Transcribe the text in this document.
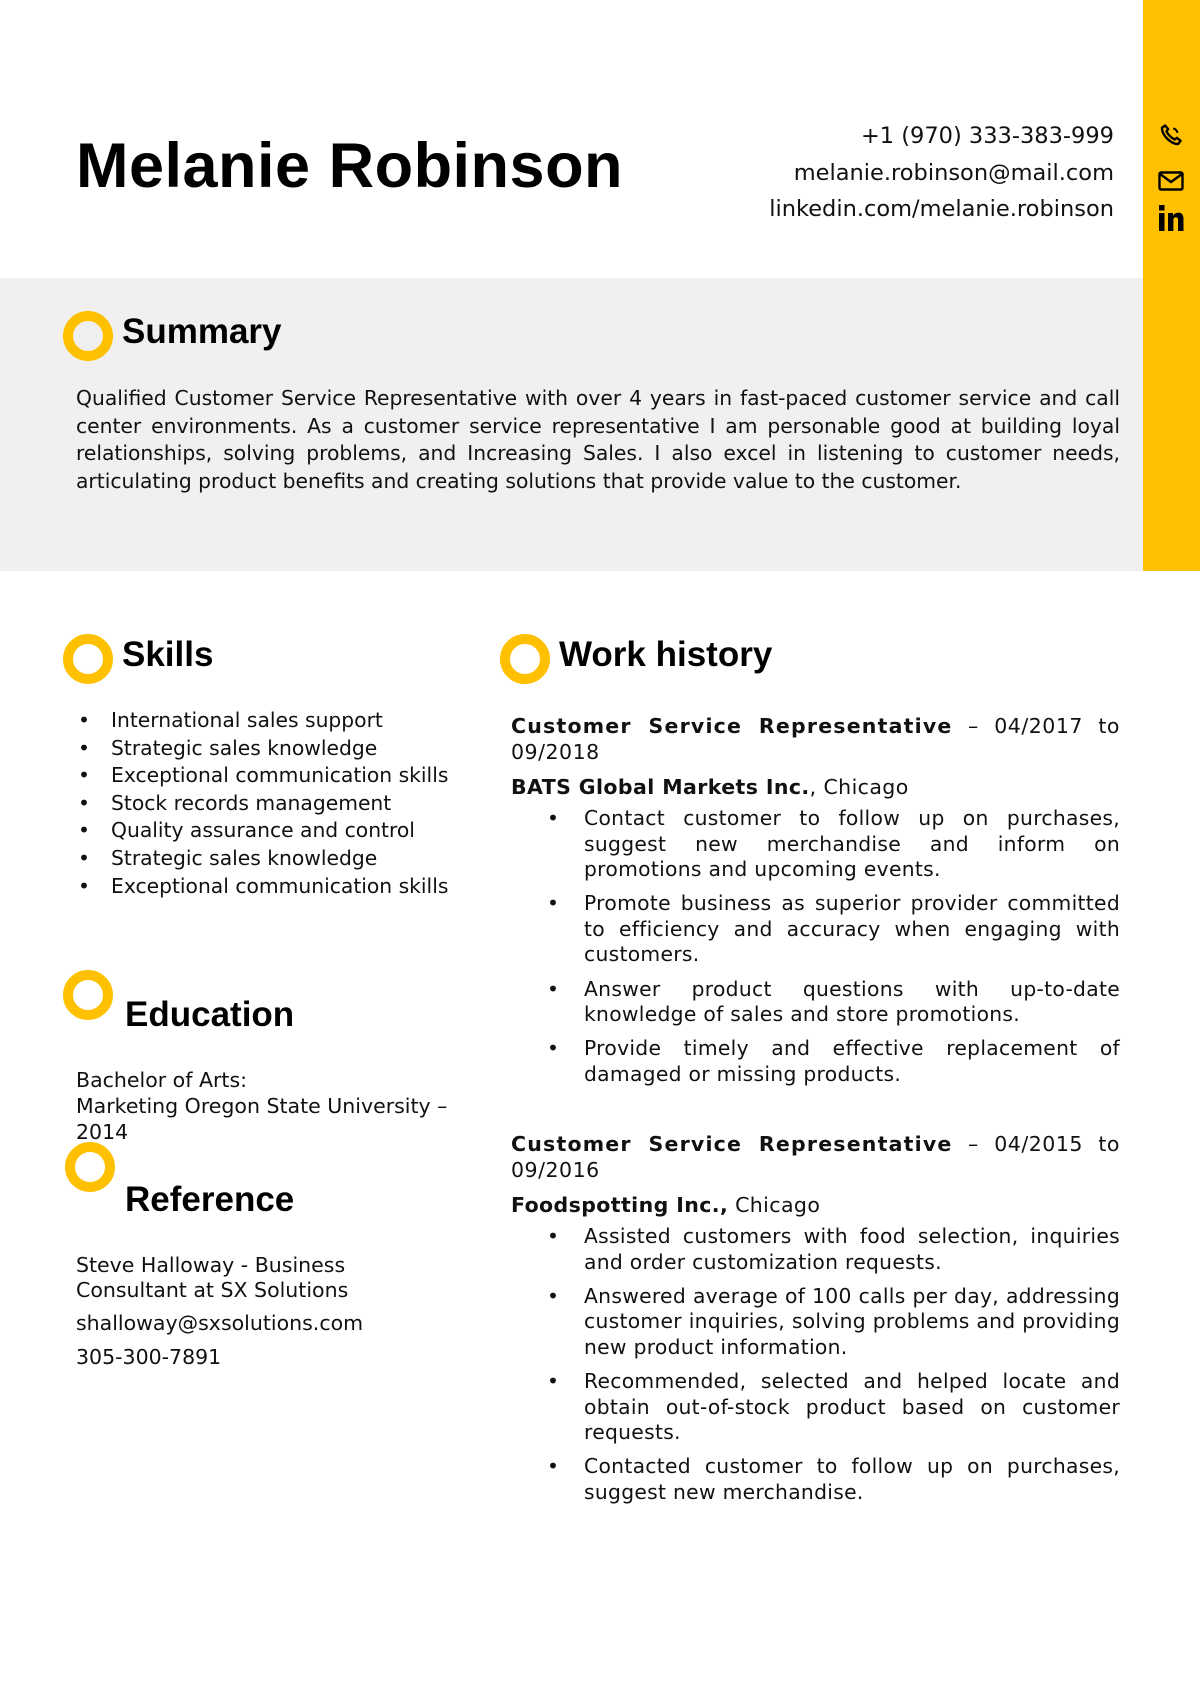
Melanie Robinson	+1 (970) 333-383-999
melanie.robinson@mail.com
linkedin.com/melanie.robinson
Summary

Qualified Customer Service Representative with over 4 years in fast-paced customer service and call center environments. As a customer service representative I am personable good at building loyal relationships, solving problems, and Increasing Sales. I also excel in listening to customer needs, articulating product benefits and creating solutions that provide value to the customer.

Skills
• International sales support
• Strategic sales knowledge
• Exceptional communication skills
• Stock records management
• Quality assurance and control
• Strategic sales knowledge
• Exceptional communication skills
Education

Bachelor of Arts:
Marketing Oregon State University – 2014

Reference

Steve Halloway - Business Consultant at SX Solutions

shalloway@sxsolutions.com

305-300-7891

Work history

Customer Service Representative – 04/2017 to 09/2018

BATS Global Markets Inc., Chicago

• Contact customer to follow up on purchases, suggest new merchandise and inform on promotions and upcoming events.
• Promote business as superior provider committed to efficiency and accuracy when engaging with customers.
• Answer product questions with up-to-date knowledge of sales and store promotions.
• Provide timely and effective replacement of damaged or missing products.

Customer Service Representative – 04/2015 to 09/2016

Foodspotting Inc., Chicago

• Assisted customers with food selection, inquiries and order customization requests.
• Answered average of 100 calls per day, addressing customer inquiries, solving problems and providing new product information.
• Recommended, selected and helped locate and obtain out-of-stock product based on customer requests.
• Contacted customer to follow up on purchases, suggest new merchandise.
